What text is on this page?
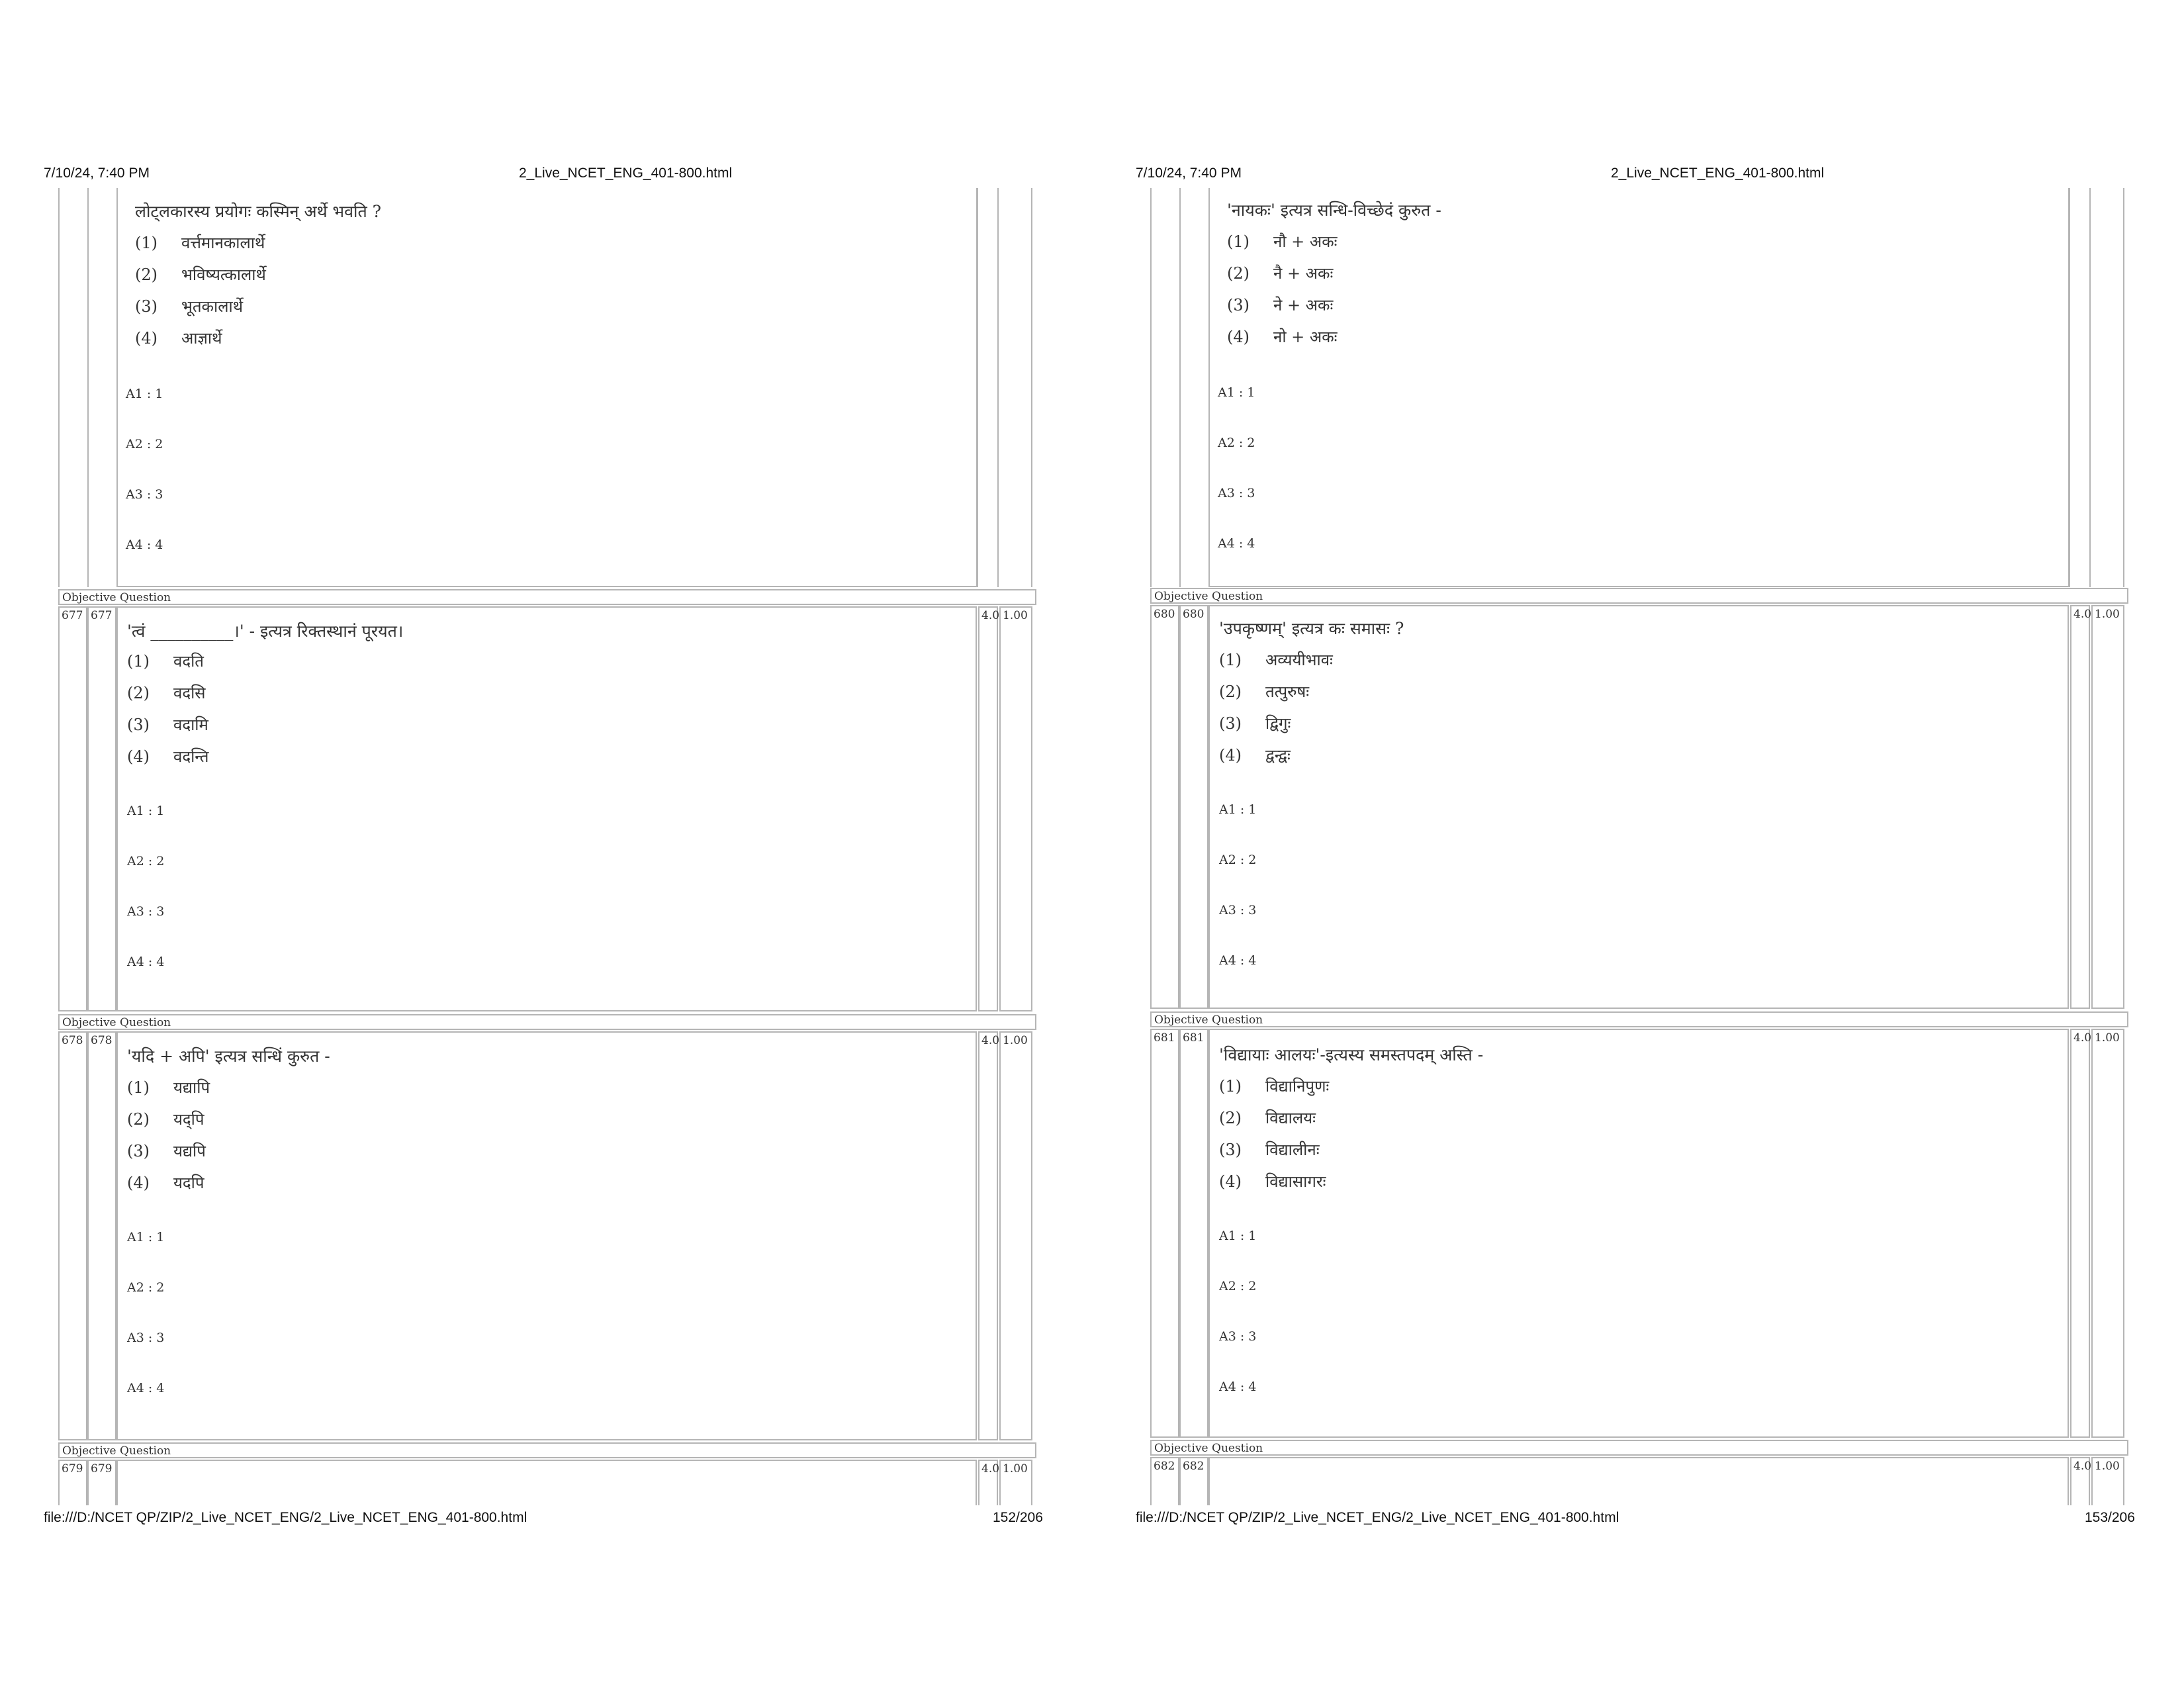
7/10/24, 7:40 PM	2_Live_NCET_ENG_401-800.html
लोट्लकारस्य प्रयोगः कस्मिन् अर्थे भवति ?
(1) वर्त्तमानकालार्थे
(2) भविष्यत्कालार्थे
(3) भूतकालार्थे
(4) आज्ञार्थे
A1 : 1
A2 : 2
A3 : 3
A4 : 4
Objective Question
677 677	4.0 1.00
'त्वं __________।' - इत्यत्र रिक्तस्थानं पूरयत।
(1) वदति
(2) वदसि
(3) वदामि
(4) वदन्ति
A1 : 1
A2 : 2
A3 : 3
A4 : 4
Objective Question
678 678	4.0 1.00
'यदि + अपि' इत्यत्र सन्धिं कुरुत -
(1) यद्यापि
(2) यद्पि
(3) यद्यपि
(4) यदपि
A1 : 1
A2 : 2
A3 : 3
A4 : 4
Objective Question
679 679	4.0 1.00
file:///D:/NCET QP/ZIP/2_Live_NCET_ENG/2_Live_NCET_ENG_401-800.html	152/206
7/10/24, 7:40 PM	2_Live_NCET_ENG_401-800.html
'नायकः' इत्यत्र सन्धि-विच्छेदं कुरुत -
(1) नौ + अकः
(2) नै + अकः
(3) ने + अकः
(4) नो + अकः
A1 : 1
A2 : 2
A3 : 3
A4 : 4
Objective Question
680 680	4.0 1.00
'उपकृष्णम्' इत्यत्र कः समासः ?
(1) अव्ययीभावः
(2) तत्पुरुषः
(3) द्विगुः
(4) द्वन्द्वः
A1 : 1
A2 : 2
A3 : 3
A4 : 4
Objective Question
681 681	4.0 1.00
'विद्यायाः आलयः'-इत्यस्य समस्तपदम् अस्ति -
(1) विद्यानिपुणः
(2) विद्यालयः
(3) विद्यालीनः
(4) विद्यासागरः
A1 : 1
A2 : 2
A3 : 3
A4 : 4
Objective Question
682 682	4.0 1.00
file:///D:/NCET QP/ZIP/2_Live_NCET_ENG/2_Live_NCET_ENG_401-800.html	153/206
